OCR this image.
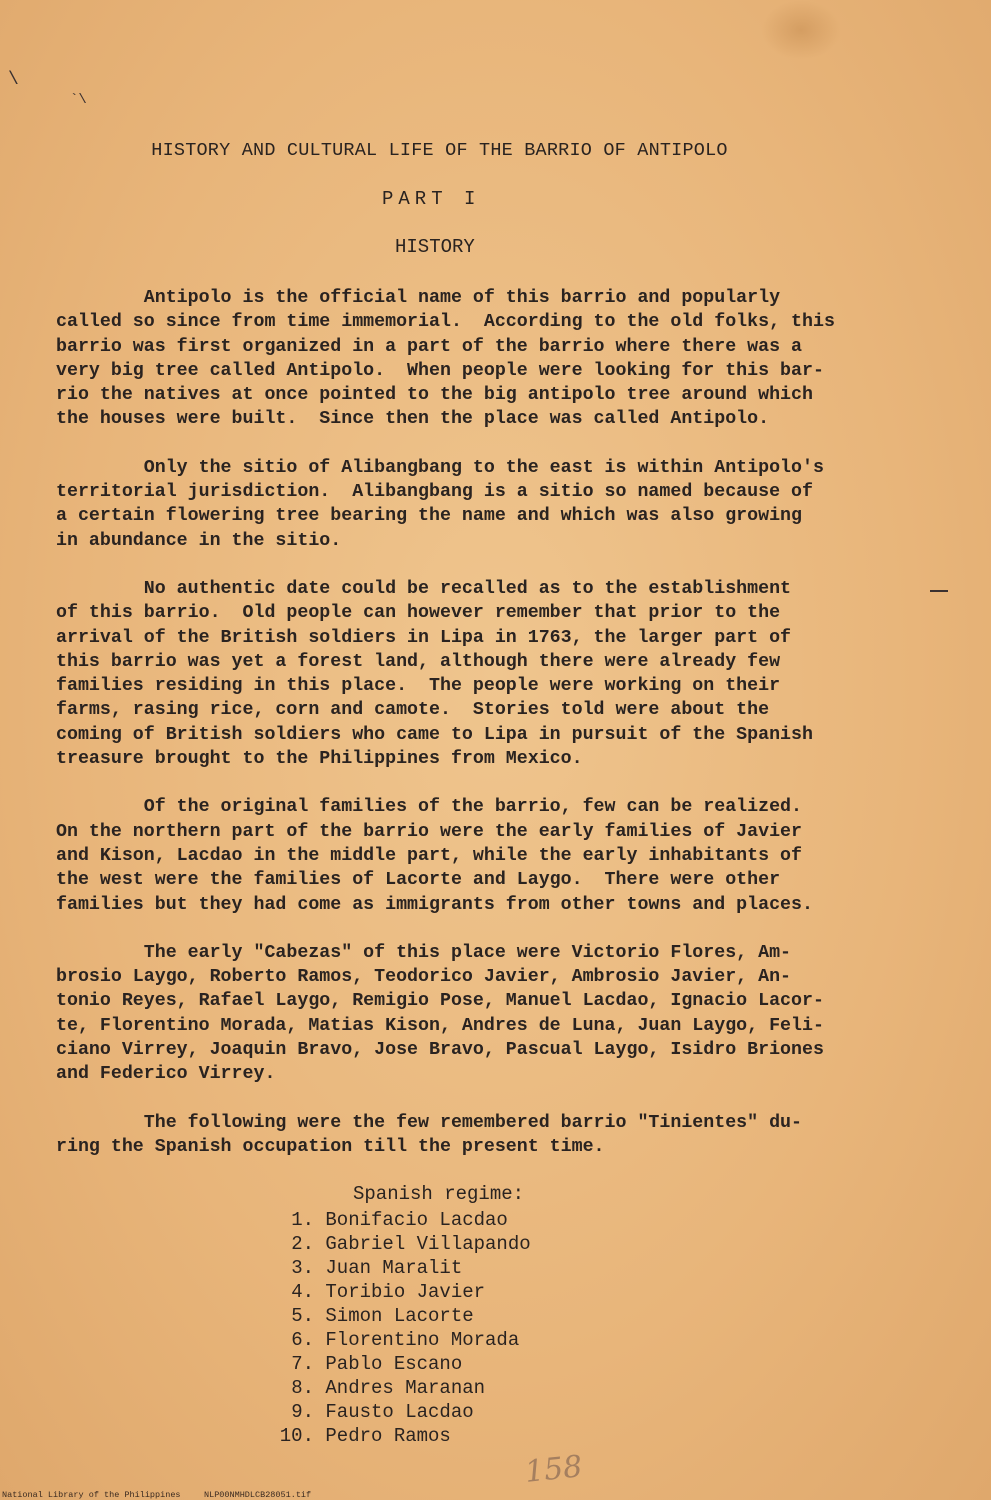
\
`\
HISTORY AND CULTURAL LIFE OF THE BARRIO OF ANTIPOLO
PART I
HISTORY
Antipolo is the official name of this barrio and popularly
called so since from time immemorial.  According to the old folks, this
barrio was first organized in a part of the barrio where there was a
very big tree called Antipolo.  When people were looking for this bar-
rio the natives at once pointed to the big antipolo tree around which
the houses were built.  Since then the place was called Antipolo.
Only the sitio of Alibangbang to the east is within Antipolo's
territorial jurisdiction.  Alibangbang is a sitio so named because of
a certain flowering tree bearing the name and which was also growing
in abundance in the sitio.
No authentic date could be recalled as to the establishment
of this barrio.  Old people can however remember that prior to the
arrival of the British soldiers in Lipa in 1763, the larger part of
this barrio was yet a forest land, although there were already few
families residing in this place.  The people were working on their
farms, rasing rice, corn and camote.  Stories told were about the
coming of British soldiers who came to Lipa in pursuit of the Spanish
treasure brought to the Philippines from Mexico.
Of the original families of the barrio, few can be realized.
On the northern part of the barrio were the early families of Javier
and Kison, Lacdao in the middle part, while the early inhabitants of
the west were the families of Lacorte and Laygo.  There were other
families but they had come as immigrants from other towns and places.
The early "Cabezas" of this place were Victorio Flores, Am-
brosio Laygo, Roberto Ramos, Teodorico Javier, Ambrosio Javier, An-
tonio Reyes, Rafael Laygo, Remigio Pose, Manuel Lacdao, Ignacio Lacor-
te, Florentino Morada, Matias Kison, Andres de Luna, Juan Laygo, Feli-
ciano Virrey, Joaquin Bravo, Jose Bravo, Pascual Laygo, Isidro Briones
and Federico Virrey.
The following were the few remembered barrio "Tinientes" du-
ring the Spanish occupation till the present time.
Spanish regime:
1. Bonifacio Lacdao
2. Gabriel Villapando
3. Juan Maralit
4. Toribio Javier
5. Simon Lacorte
6. Florentino Morada
7. Pablo Escano
8. Andres Maranan
9. Fausto Lacdao
10. Pedro Ramos
158
National Library of the Philippines	NLP00NMHDLCB28051.tif
